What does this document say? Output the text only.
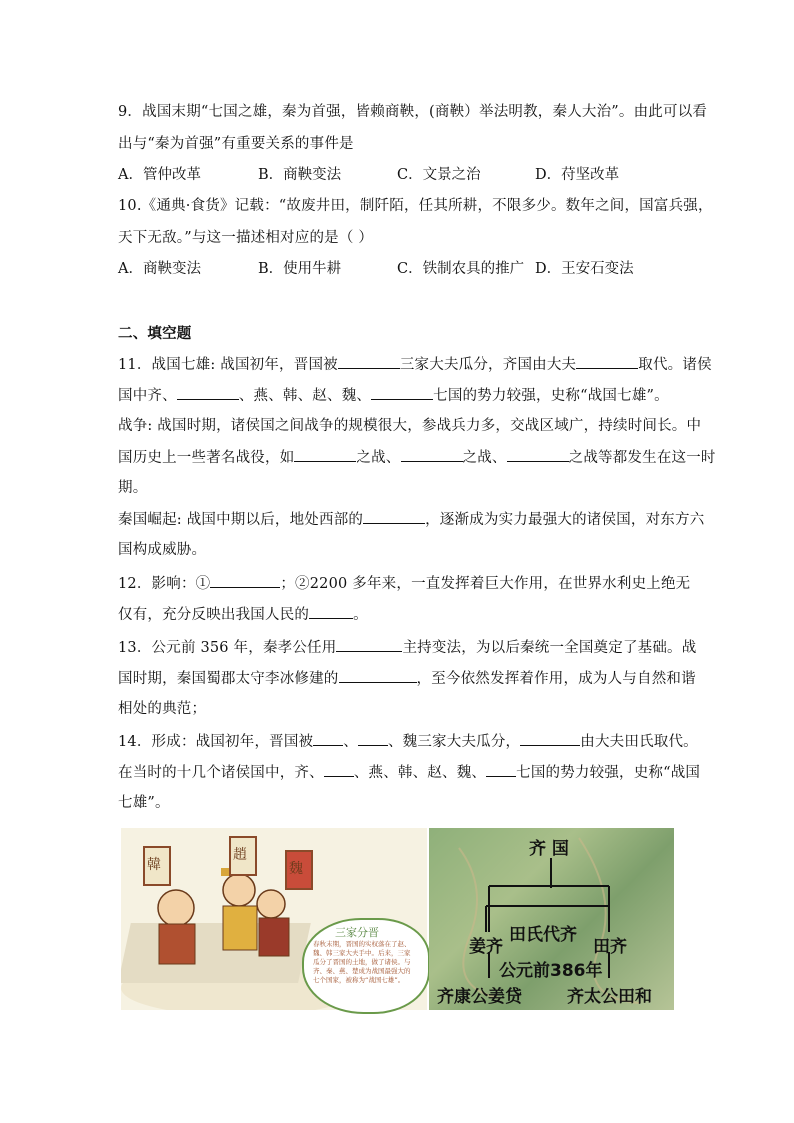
9．战国末期“七国之雄，秦为首强，皆赖商鞅，(商鞅）举法明教，秦人大治”。由此可以看
出与“秦为首强”有重要关系的事件是
A．管仲改革	B．商鞅变法	C．文景之治	D．苻坚改革
10.《通典·食货》记载：“故废井田，制阡陌，任其所耕，不限多少。数年之间，国富兵强，
天下无敌。”与这一描述相对应的是（ ）
A．商鞅变法	B．使用牛耕	C．铁制农具的推广 D．王安石变法
二、填空题
11．战国七雄: 战国初年，晋国被	三家大夫瓜分，齐国由大夫	取代。诸侯
国中齐、	、燕、韩、赵、魏、	七国的势力较强，史称“战国七雄”。
战争: 战国时期，诸侯国之间战争的规模很大，参战兵力多，交战区域广，持续时间长。中
国历史上一些著名战役，如	之战、	之战、	之战等都发生在这一时
期。
秦国崛起: 战国中期以后，地处西部的	，逐渐成为实力最强大的诸侯国，对东方六
国构成威胁。
12．影响：①	；②2200 多年来，一直发挥着巨大作用，在世界水利史上绝无
仅有，充分反映出我国人民的	。
13．公元前 356 年，秦孝公任用	主持变法，为以后秦统一全国奠定了基础。战
国时期，秦国蜀郡太守李冰修建的	，至今依然发挥着作用，成为人与自然和谐
相处的典范；
14．形成：战国初年，晋国被 、 、魏三家大夫瓜分，	由大夫田氏取代。
在当时的十几个诸侯国中，齐、 、燕、韩、赵、魏、 七国的势力较强，史称“战国
七雄”。
韓
趙
魏
三家分晋
春秋末期，晋国的实权落在了赵、魏、韩三家大夫手中。后来，三家瓜分了晋国的土地，做了诸侯。与齐、秦、燕、楚成为战国最强大的七个国家，被称为“战国七雄”。
齐 国
田氏代齐
姜齐	田齐
公元前386年
齐康公姜贷	齐太公田和
